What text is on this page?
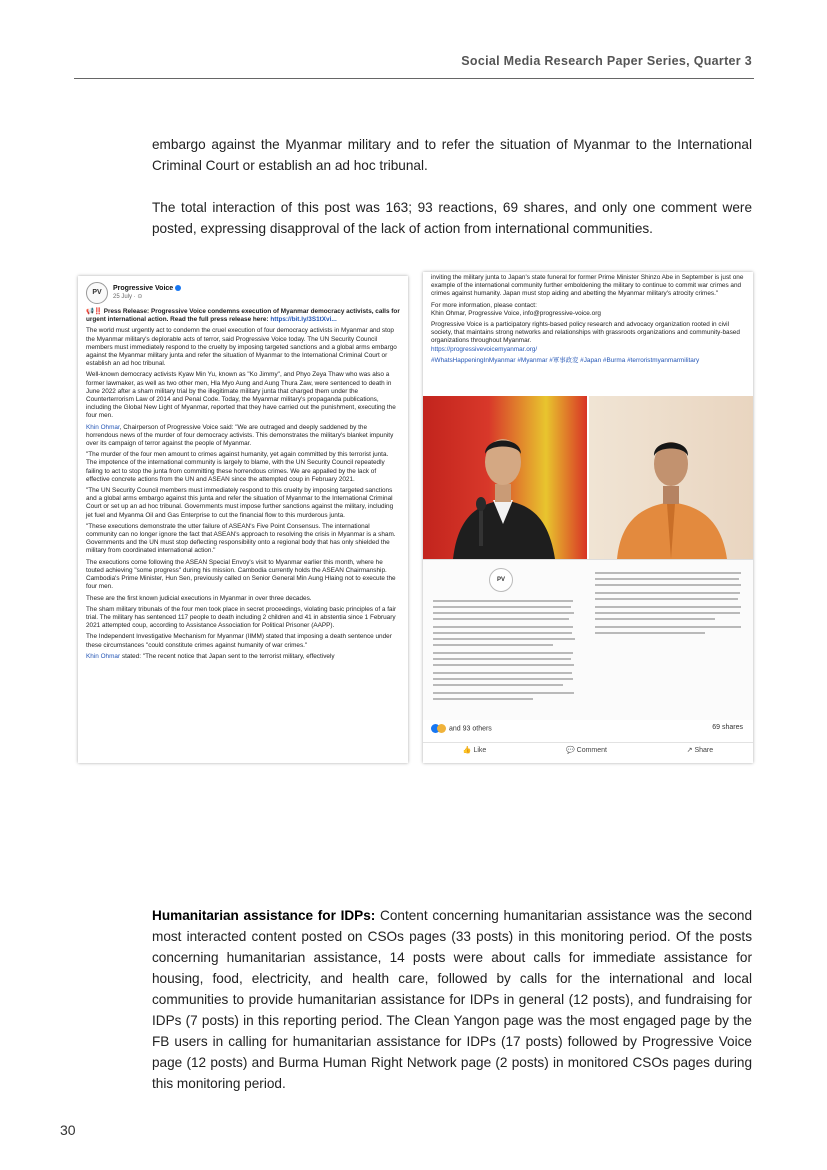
Social Media Research Paper Series, Quarter 3
embargo against the Myanmar military and to refer the situation of Myanmar to the International Criminal Court or establish an ad hoc tribunal.
The total interaction of this post was 163; 93 reactions, 69 shares, and only one comment were posted, expressing disapproval of the lack of action from international communities.
PV
Progressive Voice
25 July · ⊙

📢‼️ Press Release: Progressive Voice condemns execution of Myanmar democracy activists, calls for urgent international action. Read the full press release here: https://bit.ly/3S1tXvi...

The world must urgently act to condemn the cruel execution of four democracy activists in Myanmar and stop the Myanmar military's deplorable acts of terror, said Progressive Voice today. The UN Security Council members must immediately respond to the cruelty by imposing targeted sanctions and a global arms embargo against the Myanmar military junta and refer the situation of Myanmar to the International Criminal Court or establish an ad hoc tribunal.

Well-known democracy activists Kyaw Min Yu, known as "Ko Jimmy", and Phyo Zeya Thaw who was also a former lawmaker, as well as two other men, Hla Myo Aung and Aung Thura Zaw, were sentenced to death in June 2022 after a sham military trial by the illegitimate military junta that charged them under the Counterterrorism Law of 2014 and Penal Code. Today, the Myanmar military's propaganda publications, including the Global New Light of Myanmar, reported that they have carried out the punishment, executing the four men.

Khin Ohmar, Chairperson of Progressive Voice said: "We are outraged and deeply saddened by the horrendous news of the murder of four democracy activists. This demonstrates the military's blanket impunity over its campaign of terror against the people of Myanmar.

"The murder of the four men amount to crimes against humanity, yet again committed by this terrorist junta. The impotence of the international community is largely to blame, with the UN Security Council repeatedly failing to act to stop the junta from committing these horrendous crimes. We are appalled by the lack of effective concrete actions from the UN and ASEAN since the attempted coup in February 2021.

"The UN Security Council members must immediately respond to this cruelty by imposing targeted sanctions and a global arms embargo against this junta and refer the situation of Myanmar to the International Criminal Court or set up an ad hoc tribunal. Governments must impose further sanctions against the military, including jet fuel and Myanma Oil and Gas Enterprise to cut the financial flow to this murderous junta.

"These executions demonstrate the utter failure of ASEAN's Five Point Consensus. The international community can no longer ignore the fact that ASEAN's approach to resolving the crisis in Myanmar is a sham. Governments and the UN must stop deflecting responsibility onto a regional body that has only shielded the military from coordinated international action."

The executions come following the ASEAN Special Envoy's visit to Myanmar earlier this month, where he touted achieving "some progress" during his mission. Cambodia currently holds the ASEAN Chairmanship. Cambodia's Prime Minister, Hun Sen, previously called on Senior General Min Aung Hlaing not to execute the four men.

These are the first known judicial executions in Myanmar in over three decades.

The sham military tribunals of the four men took place in secret proceedings, violating basic principles of a fair trial. The military has sentenced 117 people to death including 2 children and 41 in abstentia since 1 February 2021 attempted coup, according to Assistance Association for Political Prisoner (AAPP).

The Independent Investigative Mechanism for Myanmar (IIMM) stated that imposing a death sentence under these circumstances "could constitute crimes against humanity of war crimes."

Khin Ohmar stated: "The recent notice that Japan sent to the terrorist military, effectively

inviting the military junta to Japan's state funeral for former Prime Minister Shinzo Abe in September is just one example of the international community further emboldening the military to continue to commit war crimes and crimes against humanity. Japan must stop aiding and abetting the Myanmar military's atrocity crimes."

For more information, please contact:
Khin Ohmar, Progressive Voice, info@progressive-voice.org

Progressive Voice is a participatory rights-based policy research and advocacy organization rooted in civil society, that maintains strong networks and relationships with grassroots organizations and community-based organizations throughout Myanmar.
https://progressivevoicemyanmar.org/

#WhatsHappeningInMyanmar #Myanmar #軍事政変 #Japan #Burma #terroristmyanmarmilitary

PV
and 93 others	69 shares
👍 Like	💬 Comment	↗ Share
Humanitarian assistance for IDPs: Content concerning humanitarian assistance was the second most interacted content posted on CSOs pages (33 posts) in this monitoring period. Of the posts concerning humanitarian assistance, 14 posts were about calls for immediate assistance for housing, food, electricity, and health care, followed by calls for the international and local communities to provide humanitarian assistance for IDPs in general (12 posts), and fundraising for IDPs (7 posts) in this reporting period. The Clean Yangon page was the most engaged page by the FB users in calling for humanitarian assistance for IDPs (17 posts) followed by Progressive Voice page (12 posts) and Burma Human Right Network page (2 posts) in monitored CSOs pages during this monitoring period.
30
